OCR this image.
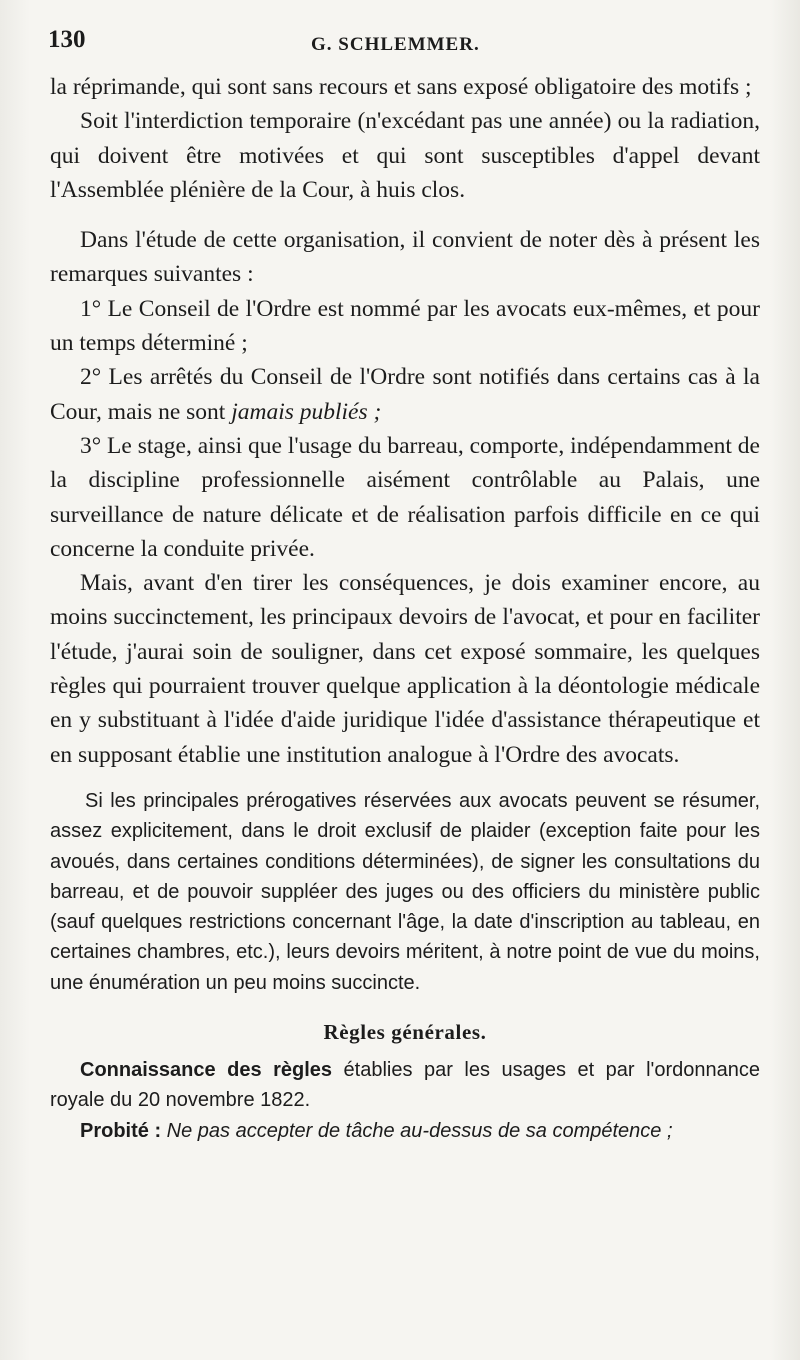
130	G. SCHLEMMER.

la réprimande, qui sont sans recours et sans exposé obligatoire des motifs ;

Soit l'interdiction temporaire (n'excédant pas une année) ou la radiation, qui doivent être motivées et qui sont susceptibles d'appel devant l'Assemblée plénière de la Cour, à huis clos.

Dans l'étude de cette organisation, il convient de noter dès à présent les remarques suivantes :

1° Le Conseil de l'Ordre est nommé par les avocats eux-mêmes, et pour un temps déterminé ;

2° Les arrêtés du Conseil de l'Ordre sont notifiés dans certains cas à la Cour, mais ne sont jamais publiés ;

3° Le stage, ainsi que l'usage du barreau, comporte, indépendamment de la discipline professionnelle aisément contrôlable au Palais, une surveillance de nature délicate et de réalisation parfois difficile en ce qui concerne la conduite privée.

Mais, avant d'en tirer les conséquences, je dois examiner encore, au moins succinctement, les principaux devoirs de l'avocat, et pour en faciliter l'étude, j'aurai soin de souligner, dans cet exposé sommaire, les quelques règles qui pourraient trouver quelque application à la déontologie médicale en y substituant à l'idée d'aide juridique l'idée d'assistance thérapeutique et en supposant établie une institution analogue à l'Ordre des avocats.

Si les principales prérogatives réservées aux avocats peuvent se résumer, assez explicitement, dans le droit exclusif de plaider (exception faite pour les avoués, dans certaines conditions déterminées), de signer les consultations du barreau, et de pouvoir suppléer des juges ou des officiers du ministère public (sauf quelques restrictions concernant l'âge, la date d'inscription au tableau, en certaines chambres, etc.), leurs devoirs méritent, à notre point de vue du moins, une énumération un peu moins succincte.

Règles générales.

Connaissance des règles établies par les usages et par l'ordonnance royale du 20 novembre 1822.

Probité : Ne pas accepter de tâche au-dessus de sa compétence ;
